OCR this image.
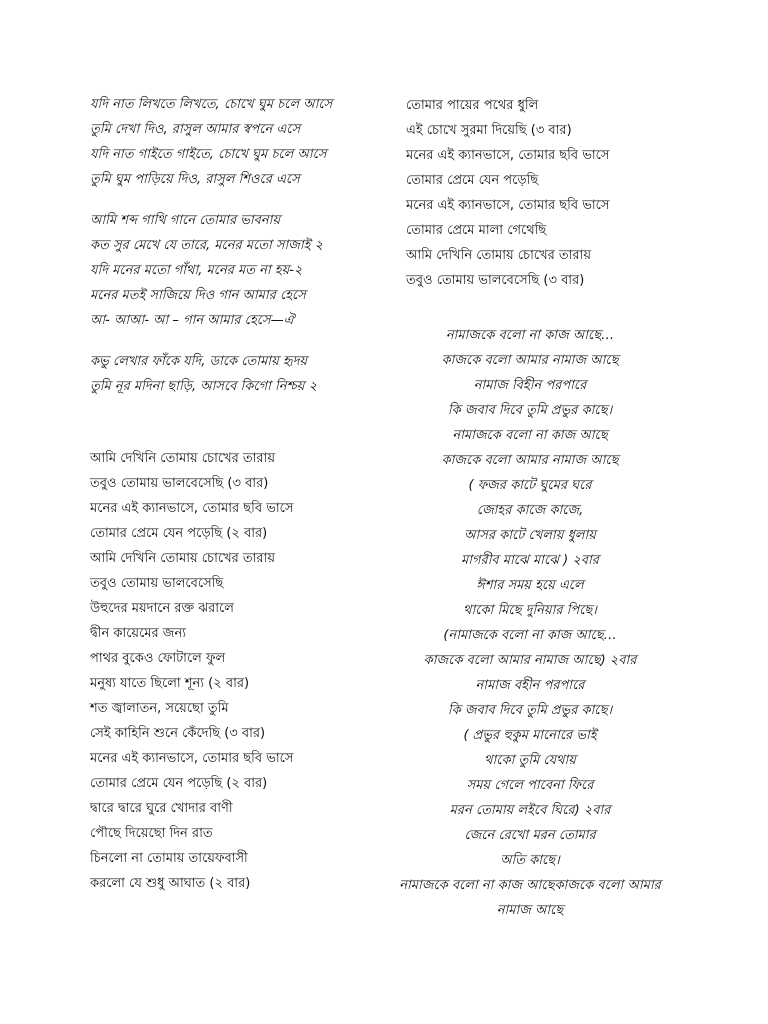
যদি নাত লিখতে লিখতে, চোখে ঘুম চলে আসে
তুমি দেখা দিও, রাসুল আমার স্বপনে এসে
যদি নাত গাইতে গাইতে, চোখে ঘুম চলে আসে
তুমি ঘুম পাড়িয়ে দিও, রাসুল শিওরে এসে
আমি শব্দ গাথি গানে তোমার ভাবনায়
কত সুর মেখে যে তারে, মনের মতো সাজাই ২
যদি মনের মতো গাঁথা, মনের মত না হয়-২
মনের মতই সাজিয়ে দিও গান আমার হেসে
আ- আআ- আ – গান আমার হেসে—ঐ
কভু লেখার ফাঁকে যদি, ডাকে তোমায় হৃদয়
তুমি নূর মদিনা ছাড়ি, আসবে কিগো নিশ্চয় ২
আমি দেখিনি তোমায় চোখের তারায়
তবুও তোমায় ভালবেসেছি (৩ বার)
মনের এই ক্যানভাসে, তোমার ছবি ভাসে
তোমার প্রেমে যেন পড়েছি (২ বার)
আমি দেখিনি তোমায় চোখের তারায়
তবুও তোমায় ভালবেসেছি
উহুদের ময়দানে রক্ত ঝরালে
দ্বীন কায়েমের জন্য
পাথর বুকেও ফোটালে ফুল
মনুষ্য যাতে ছিলো শূন্য (২ বার)
শত জ্বালাতন, সয়েছো তুমি
সেই কাহিনি শুনে কেঁদেছি (৩ বার)
মনের এই ক্যানভাসে, তোমার ছবি ভাসে
তোমার প্রেমে যেন পড়েছি (২ বার)
দ্বারে দ্বারে ঘুরে খোদার বাণী
পৌছে দিয়েছো দিন রাত
চিনলো না তোমায় তায়েফবাসী
করলো যে শুধু আঘাত (২ বার)
তোমার পায়ের পথের ধুলি
এই চোখে সুরমা দিয়েছি (৩ বার)
মনের এই ক্যানভাসে, তোমার ছবি ভাসে
তোমার প্রেমে যেন পড়েছি
মনের এই ক্যানভাসে, তোমার ছবি ভাসে
তোমার প্রেমে মালা গেথেছি
আমি দেখিনি তোমায় চোখের তারায়
তবুও তোমায় ভালবেসেছি (৩ বার)
নামাজকে বলো না কাজ আছে…
কাজকে বলো আমার নামাজ আছে
নামাজ বিহীন পরপারে
কি জবাব দিবে তুমি প্রভুর কাছে।
নামাজকে বলো না কাজ আছে
কাজকে বলো আমার নামাজ আছে
( ফজর কাটে ঘুমের ঘরে
জোহর কাজে কাজে,
আসর কাটে খেলায় ধুলায়
মাগরীব মাঝে মাঝে ) ২বার
ঈশার সময় হয়ে এলে
থাকো মিছে দুনিয়ার পিছে।
(নামাজকে বলো না কাজ আছে…
কাজকে বলো আমার নামাজ আছে) ২বার
নামাজ বহীন পরপারে
কি জবাব দিবে তুমি প্রভুর কাছে।
( প্রভুর হুকুম মানোরে ভাই
থাকো তুমি যেথায়
সময় গেলে পাবেনা ফিরে
মরন তোমায় লইবে ঘিরে) ২বার
জেনে রেখো মরন তোমার
অতি কাছে।
নামাজকে বলো না কাজ আছেকাজকে বলো আমার
নামাজ আছে
